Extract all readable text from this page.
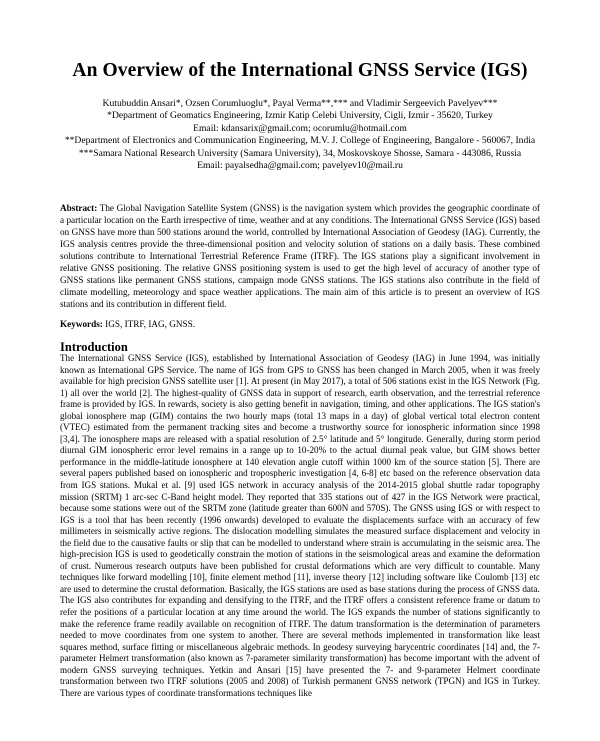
An Overview of the International GNSS Service (IGS)
Kutubuddin Ansari*, Ozsen Corumluoglu*, Payal Verma**,*** and Vladimir Sergeevich Pavelyev***
*Department of Geomatics Engineering, Izmir Katip Celebi University, Cigli, Izmir - 35620, Turkey
Email: kdansarix@gmail.com; ocorumlu@hotmail.com
**Department of Electronics and Communication Engineering, M.V. J. College of Engineering, Bangalore - 560067, India
***Samara National Research University (Samara University), 34, Moskovskoye Shosse, Samara - 443086, Russia
Email: payalsedha@gmail.com; pavelyev10@mail.ru
Abstract: The Global Navigation Satellite System (GNSS) is the navigation system which provides the geographic coordinate of a particular location on the Earth irrespective of time, weather and at any conditions. The International GNSS Service (IGS) based on GNSS have more than 500 stations around the world, controlled by International Association of Geodesy (IAG). Currently, the IGS analysis centres provide the three-dimensional position and velocity solution of stations on a daily basis. These combined solutions contribute to International Terrestrial Reference Frame (ITRF). The IGS stations play a significant involvement in relative GNSS positioning. The relative GNSS positioning system is used to get the high level of accuracy of another type of GNSS stations like permanent GNSS stations, campaign mode GNSS stations. The IGS stations also contribute in the field of climate modelling, meteorology and space weather applications. The main aim of this article is to present an overview of IGS stations and its contribution in different field.
Keywords: IGS, ITRF, IAG, GNSS.
Introduction

The International GNSS Service (IGS), established by International Association of Geodesy (IAG) in June 1994, was initially known as International GPS Service. The name of IGS from GPS to GNSS has been changed in March 2005, when it was freely available for high precision GNSS satellite user [1]. At present (in May 2017), a total of 506 stations exist in the IGS Network (Fig. 1) all over the world [2]. The highest-quality of GNSS data in support of research, earth observation, and the terrestrial reference frame is provided by IGS. In rewards, society is also getting benefit in navigation, timing, and other applications. The IGS station's global ionosphere map (GIM) contains the two hourly maps (total 13 maps in a day) of global vertical total electron content (VTEC) estimated from the permanent tracking sites and become a trustworthy source for ionospheric information since 1998 [3,4]. The ionosphere maps are released with a spatial resolution of 2.5° latitude and 5° longitude. Generally, during storm period diurnal GIM ionospheric error level remains in a range up to 10-20% to the actual diurnal peak value, but GIM shows better performance in the middle-latitude ionosphere at 140 elevation angle cutoff within 1000 km of the source station [5]. There are several papers published based on ionospheric and tropospheric investigation [4, 6-8] etc based on the reference observation data from IGS stations. Mukal et al. [9] used IGS network in accuracy analysis of the 2014-2015 global shuttle radar topography mission (SRTM) 1 arc-sec C-Band height model. They reported that 335 stations out of 427 in the IGS Network were practical, because some stations were out of the SRTM zone (latitude greater than 600N and 570S). The GNSS using IGS or with respect to IGS is a tool that has been recently (1996 onwards) developed to evaluate the displacements surface with an accuracy of few millimeters in seismically active regions. The dislocation modelling simulates the measured surface displacement and velocity in the field due to the causative faults or slip that can be modelled to understand where strain is accumulating in the seismic area. The high-precision IGS is used to geodetically constrain the motion of stations in the seismological areas and examine the deformation of crust. Numerous research outputs have been published for crustal deformations which are very difficult to countable. Many techniques like forward modelling [10], finite element method [11], inverse theory [12] including software like Coulomb [13] etc are used to determine the crustal deformation. Basically, the IGS stations are used as base stations during the process of GNSS data.

The IGS also contributes for expanding and densifying to the ITRF, and the ITRF offers a consistent reference frame or datum to refer the positions of a particular location at any time around the world. The IGS expands the number of stations significantly to make the reference frame readily available on recognition of ITRF. The datum transformation is the determination of parameters needed to move coordinates from one system to another. There are several methods implemented in transformation like least squares method, surface fitting or miscellaneous algebraic methods. In geodesy surveying barycentric coordinates [14] and, the 7-parameter Helmert transformation (also known as 7-parameter similarity transformation) has become important with the advent of modern GNSS surveying techniques. Yetkin and Ansari [15] have presented the 7- and 9-parameter Helmert coordinate transformation between two ITRF solutions (2005 and 2008) of Turkish permanent GNSS network (TPGN) and IGS in Turkey. There are various types of coordinate transformations techniques like
